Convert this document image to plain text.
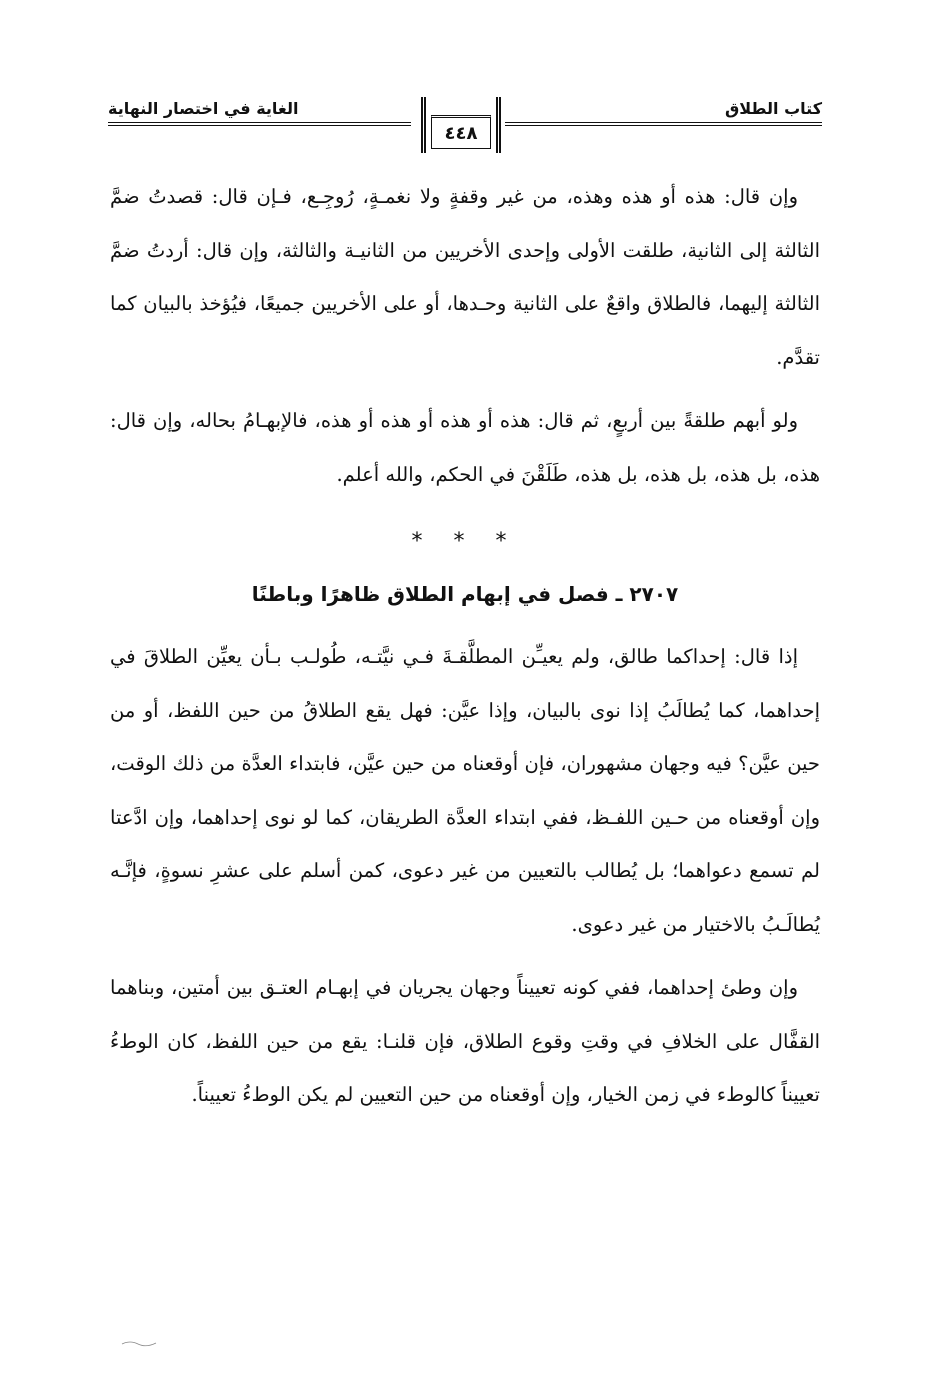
كتاب الطلاق
الغاية في اختصار النهاية
٤٤٨

وإن قال: هذه أو هذه وهذه، من غير وقفةٍ ولا نغمـةٍ، رُوجِـع، فـإن قال: قصدتُ ضمَّ الثالثة إلى الثانية، طلقت الأولى وإحدى الأخريين من الثانيـة والثالثة، وإن قال: أردتُ ضمَّ الثالثة إليهما، فالطلاق واقعٌ على الثانية وحـدها، أو على الأخريين جميعًا، فيُؤخذ بالبيان كما تقدَّم.

ولو أبهم طلقةً بين أربعٍ، ثم قال: هذه أو هذه أو هذه أو هذه، فالإبهـامُ بحاله، وإن قال: هذه، بل هذه، بل هذه، بل هذه، طَلَقْنَ في الحكم، والله أعلم.

* * *
٢٧٠٧ ـ فصل في إبهام الطلاق ظاهرًا وباطنًا

إذا قال: إحداكما طالق، ولم يعيـِّن المطلَّقـةَ فـي نيَّتـه، طُولـب بـأن يعيِّن الطلاقَ في إحداهما، كما يُطالَبُ إذا نوى بالبيان، وإذا عيَّن: فهل يقع الطلاقُ من حين اللفظ، أو من حين عيَّن؟ فيه وجهان مشهوران، فإن أوقعناه من حين عيَّن، فابتداء العدَّة من ذلك الوقت، وإن أوقعناه من حـين اللفـظ، ففي ابتداء العدَّة الطريقان، كما لو نوى إحداهما، وإن ادَّعتا لم تسمع دعواهما؛ بل يُطالب بالتعيين من غير دعوى، كمن أسلم على عشرِ نسوةٍ، فإنَّـه يُطالَـبُ بالاختيار من غير دعوى.

وإن وطئ إحداهما، ففي كونه تعييناً وجهان يجريان في إبهـام العتـق بين أمتين، وبناهما القفَّال على الخلافِ في وقتِ وقوع الطلاق، فإن قلنـا: يقع من حين اللفظ، كان الوطءُ تعييناً كالوطء في زمن الخيار، وإن أوقعناه من حين التعيين لم يكن الوطءُ تعييناً.
